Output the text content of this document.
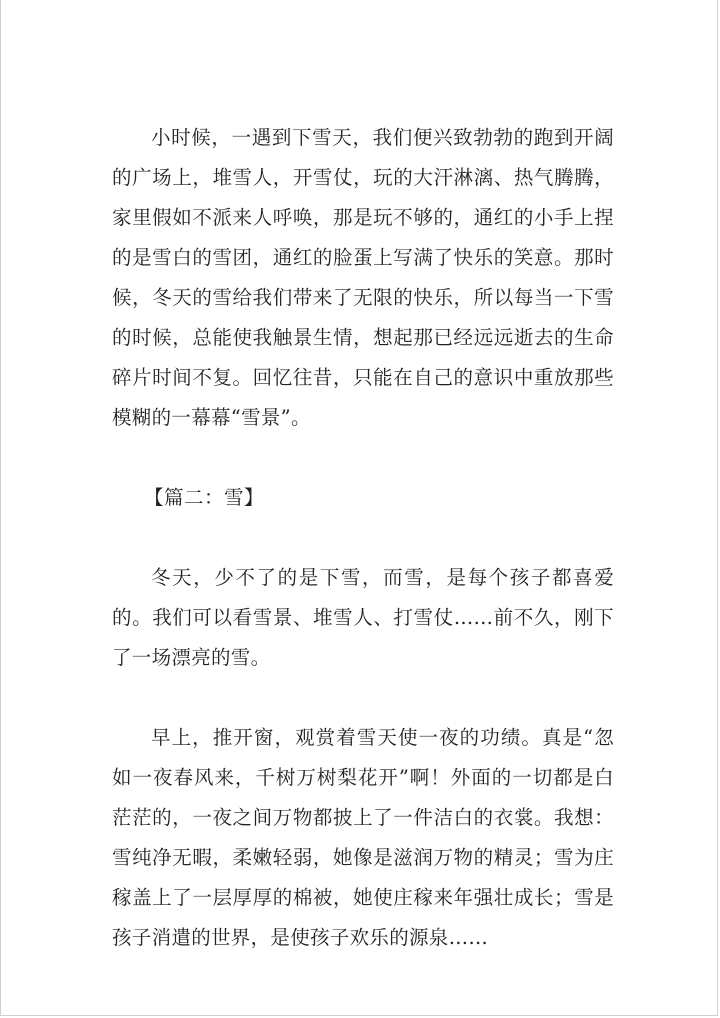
小时候，一遇到下雪天，我们便兴致勃勃的跑到开阔的广场上，堆雪人，开雪仗，玩的大汗淋漓、热气腾腾，家里假如不派来人呼唤，那是玩不够的，通红的小手上捏的是雪白的雪团，通红的脸蛋上写满了快乐的笑意。那时候，冬天的雪给我们带来了无限的快乐，所以每当一下雪的时候，总能使我触景生情，想起那已经远远逝去的生命碎片时间不复。回忆往昔，只能在自己的意识中重放那些模糊的一幕幕“雪景”。

【篇二：雪】

冬天，少不了的是下雪，而雪，是每个孩子都喜爱的。我们可以看雪景、堆雪人、打雪仗……前不久，刚下了一场漂亮的雪。

早上，推开窗，观赏着雪天使一夜的功绩。真是“忽如一夜春风来，千树万树梨花开”啊！外面的一切都是白茫茫的，一夜之间万物都披上了一件洁白的衣裳。我想：雪纯净无暇，柔嫩轻弱，她像是滋润万物的精灵；雪为庄稼盖上了一层厚厚的棉被，她使庄稼来年强壮成长；雪是孩子消遣的世界，是使孩子欢乐的源泉……
